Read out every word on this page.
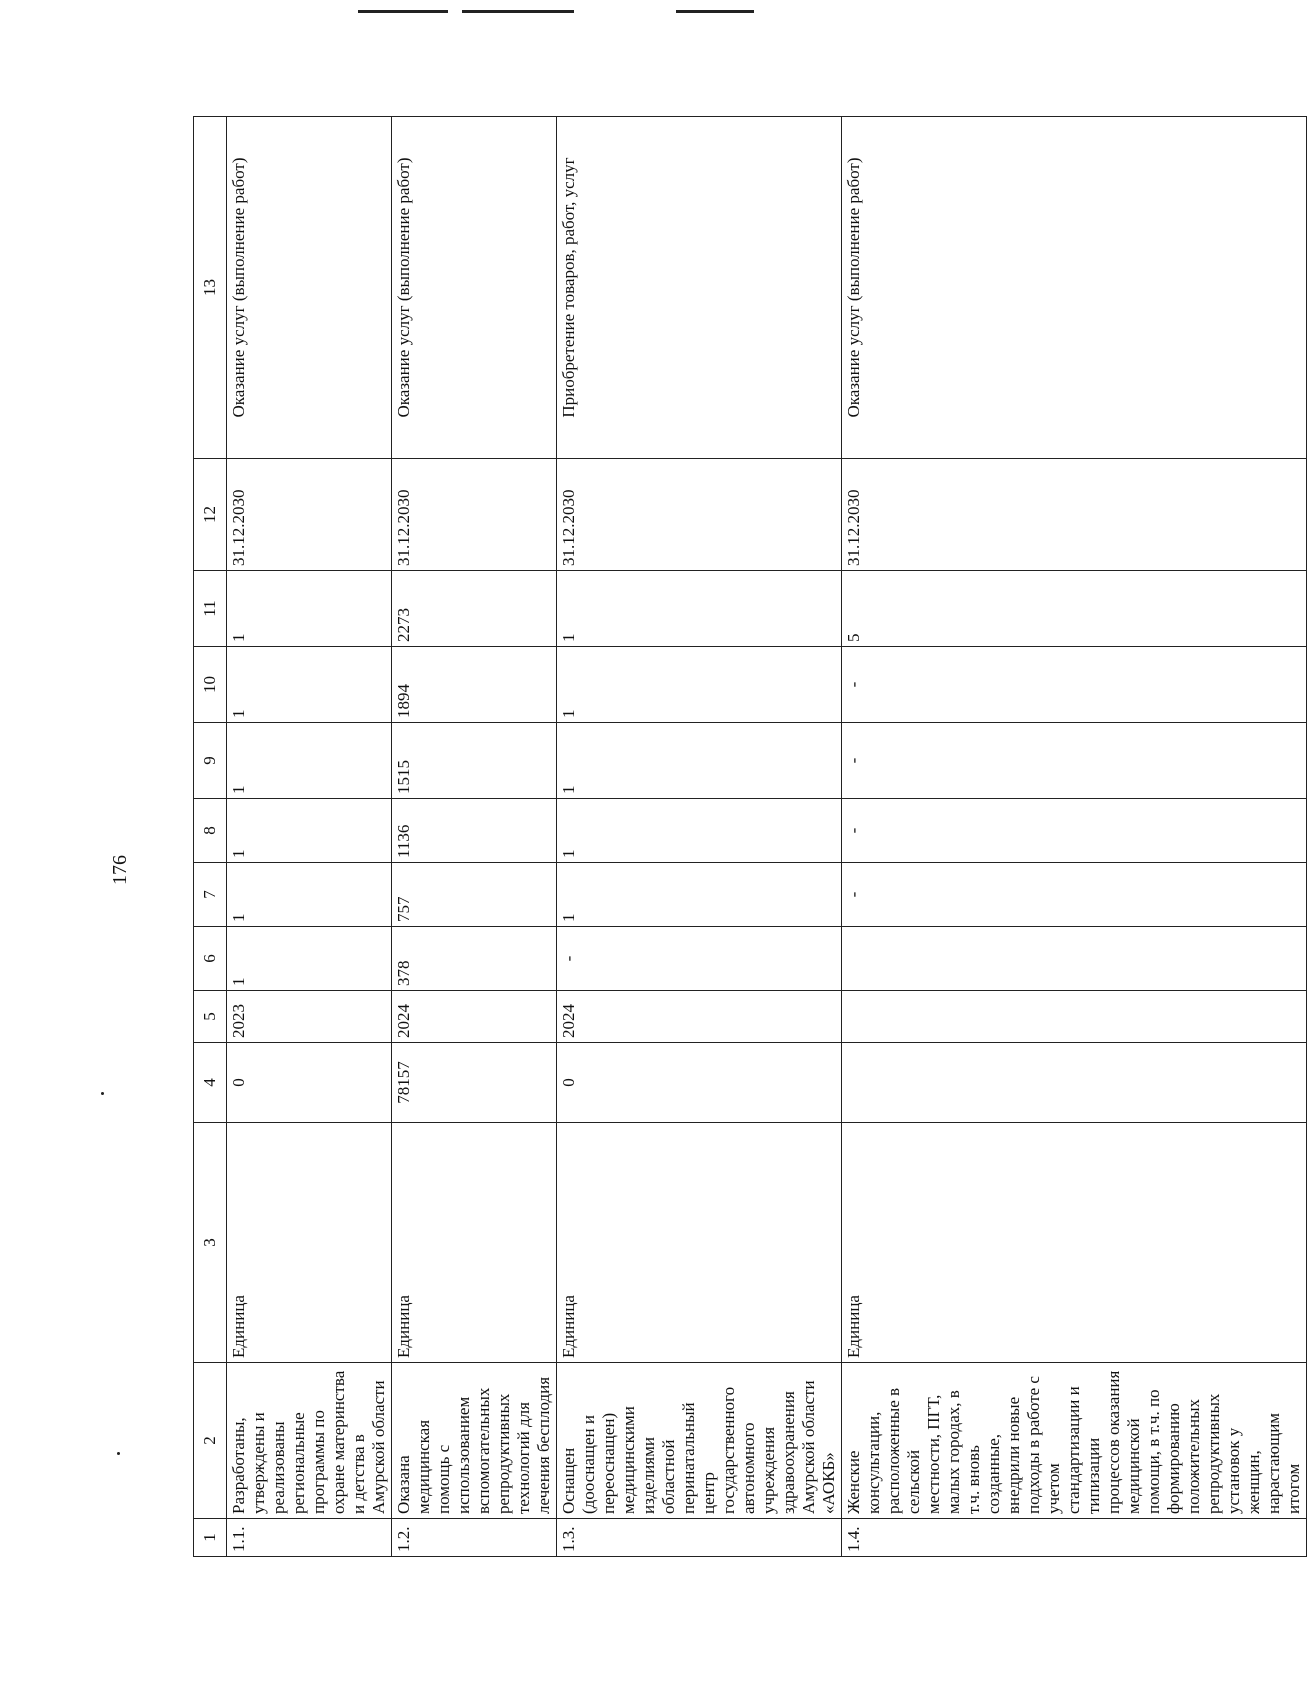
176
1	2	3	4	5	6	7	8	9	10	11	12	13
1.1.	Разработаны, утверждены и реализованы региональные программы по охране материнства и детства в Амурской области	Единица	0	2023	1	1	1	1	1	1	31.12.2030	Оказание услуг (выполнение работ)
1.2.	Оказана медицинская помощь с использованием вспомогательных репродуктивных технологий для лечения бесплодия	Единица	78157	2024	378	757	1136	1515	1894	2273	31.12.2030	Оказание услуг (выполнение работ)
1.3.	Оснащен (дооснащен и переоснащен) медицинскими изделиями областной перинатальный центр государственного автономного учреждения здравоохранения Амурской области «АОКБ»	Единица	0	2024	-	1	1	1	1	1	31.12.2030	Приобретение товаров, работ, услуг
1.4.	Женские консультации, расположенные в сельской местности, ПГТ, малых городах, в т.ч. вновь созданные, внедрили новые подходы в работе с учетом стандартизации и типизации процессов оказания медицинской помощи, в т.ч. по формированию положительных репродуктивных установок у женщин, нарастающим итогом	Единица				-	-	-	-	5	31.12.2030	Оказание услуг (выполнение работ)
